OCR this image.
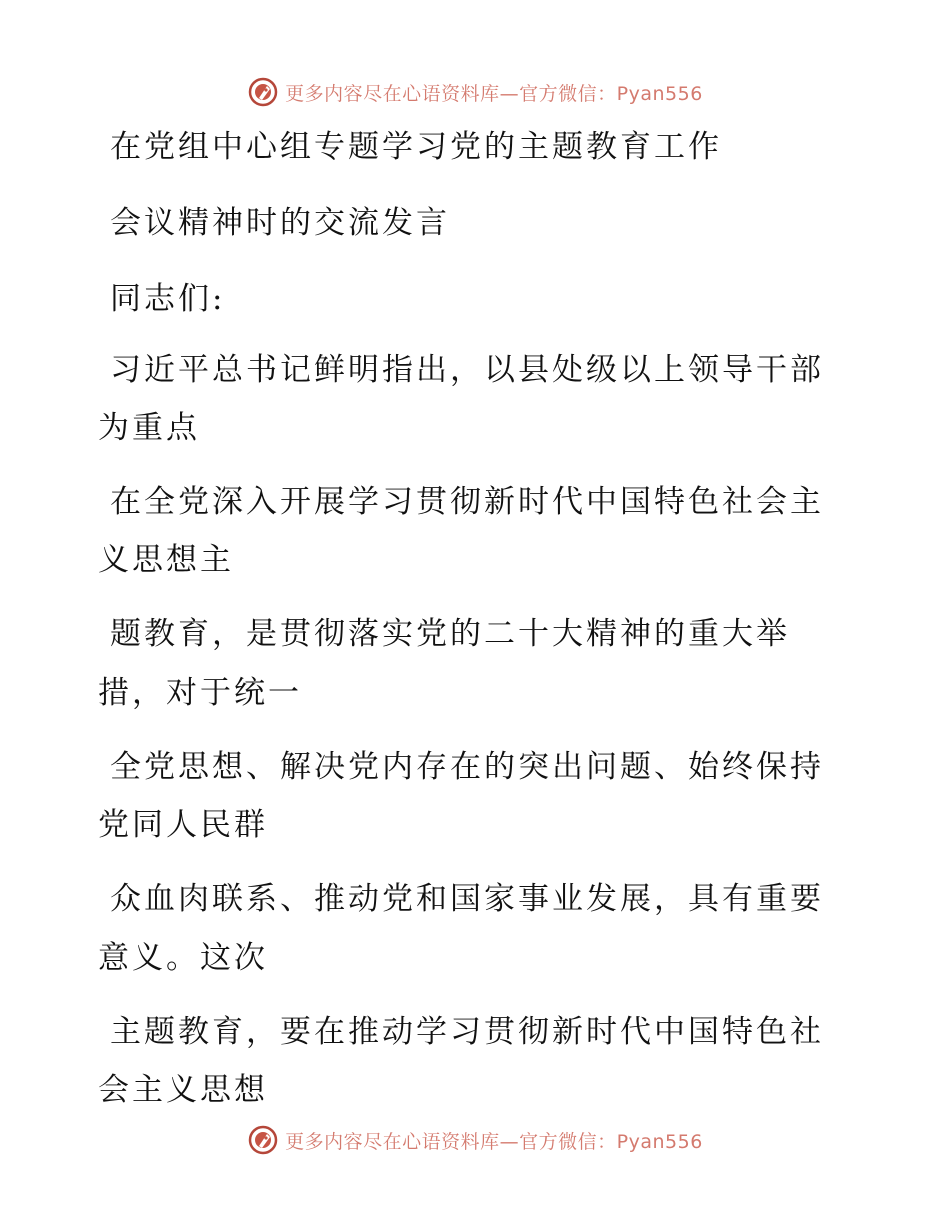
更多内容尽在心语资料库—官方微信：Pyan556
在党组中心组专题学习党的主题教育工作
会议精神时的交流发言
同志们:
习近平总书记鲜明指出，以县处级以上领导干部
为重点
在全党深入开展学习贯彻新时代中国特色社会主
义思想主
题教育，是贯彻落实党的二十大精神的重大举
措，对于统一
全党思想、解决党内存在的突出问题、始终保持
党同人民群
众血肉联系、推动党和国家事业发展，具有重要
意义。这次
主题教育，要在推动学习贯彻新时代中国特色社
会主义思想
更多内容尽在心语资料库—官方微信：Pyan556
